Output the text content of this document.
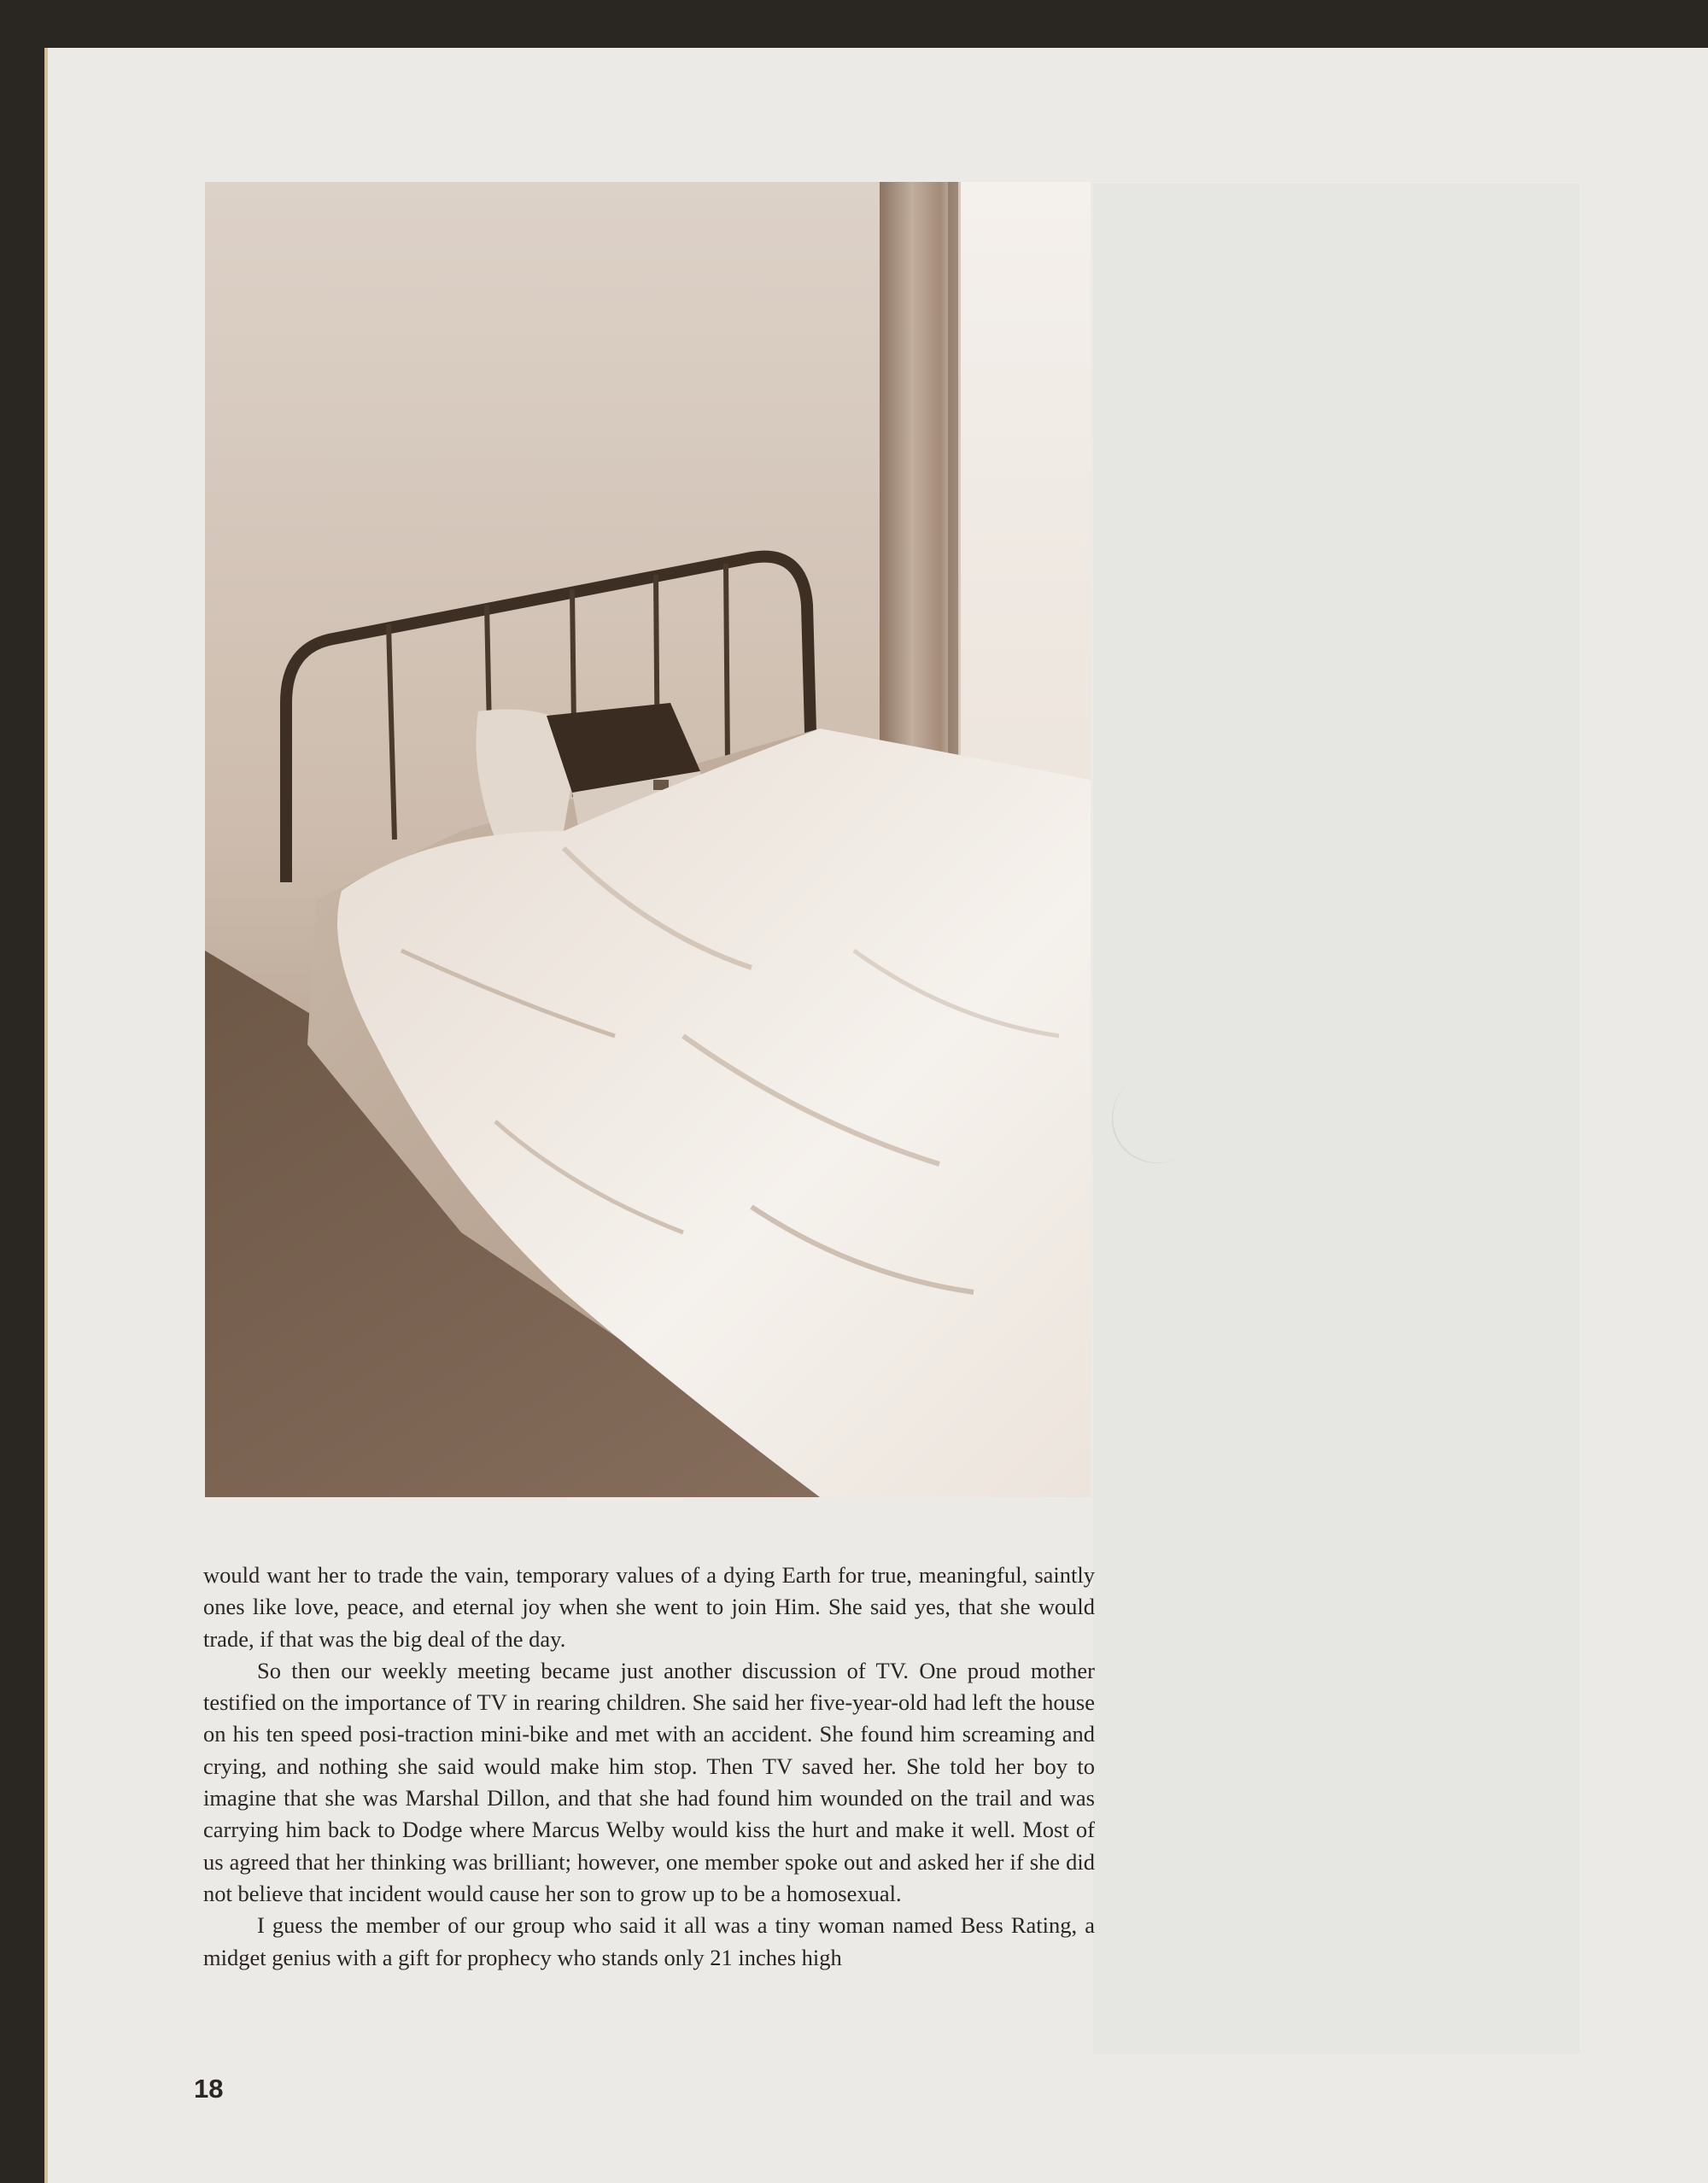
would want her to trade the vain, temporary values of a dying Earth for true, meaningful, saintly ones like love, peace, and eternal joy when she went to join Him. She said yes, that she would trade, if that was the big deal of the day.

So then our weekly meeting became just another discussion of TV. One proud mother testified on the importance of TV in rearing children. She said her five-year-old had left the house on his ten speed posi-traction mini-bike and met with an accident. She found him screaming and crying, and nothing she said would make him stop. Then TV saved her. She told her boy to imagine that she was Marshal Dillon, and that she had found him wounded on the trail and was carrying him back to Dodge where Marcus Welby would kiss the hurt and make it well. Most of us agreed that her thinking was brilliant; however, one member spoke out and asked her if she did not believe that incident would cause her son to grow up to be a homosexual.

I guess the member of our group who said it all was a tiny woman named Bess Rating, a midget genius with a gift for prophecy who stands only 21 inches high

18
